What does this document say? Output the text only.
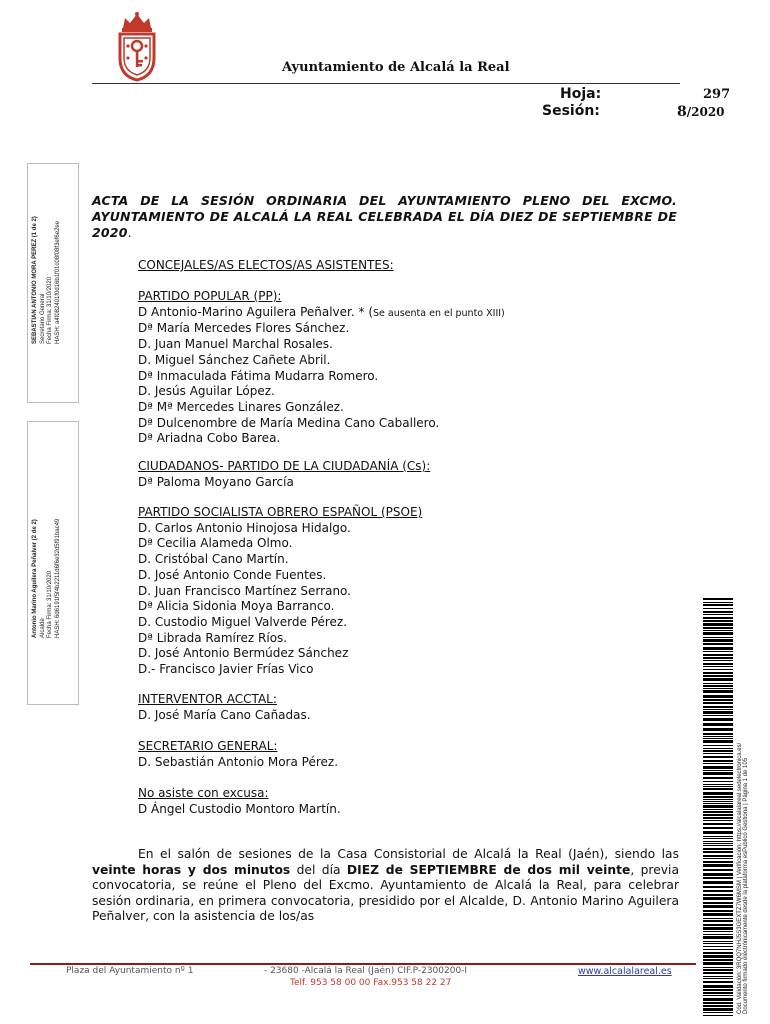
Ayuntamiento de Alcalá la Real
Hoja:	297
Sesión:	8/2020
SEBASTIAN ANTONIO MORA PEREZ (1 de 2) Secretario General Fecha Firma: 31/10/2020 HASH: a4f082401f0d16b1f01c08f08f3ef6e2ee
Antonio Marino Aguilera Peñalver (2 de 2) Alcalde Fecha Firma: 31/10/2020 HASH: 6d6191f5f4b2211d6f6e32d5f91bac49
ACTA DE LA SESIÓN ORDINARIA DEL AYUNTAMIENTO PLENO DEL EXCMO. AYUNTAMIENTO DE ALCALÁ LA REAL CELEBRADA EL DÍA DIEZ DE SEPTIEMBRE DE 2020.
CONCEJALES/AS ELECTOS/AS ASISTENTES:
PARTIDO POPULAR (PP):
D Antonio-Marino Aguilera Peñalver. * (Se ausenta en el punto XIII)
Dª María Mercedes Flores Sánchez.
D. Juan Manuel Marchal Rosales.
D. Miguel Sánchez Cañete Abril.
Dª Inmaculada Fátima Mudarra Romero.
D. Jesús Aguilar López.
Dª Mª Mercedes Linares González.
Dª Dulcenombre de María Medina Cano Caballero.
Dª Ariadna Cobo Barea.
CIUDADANOS- PARTIDO DE LA CIUDADANÍA (Cs):
Dª Paloma Moyano García
PARTIDO SOCIALISTA OBRERO ESPAÑOL (PSOE)
D. Carlos Antonio Hinojosa Hidalgo.
Dª Cecilia Alameda Olmo.
D. Cristóbal Cano Martín.
D. José Antonio Conde Fuentes.
D. Juan Francisco Martínez Serrano.
Dª Alicia Sidonia Moya Barranco.
D. Custodio Miguel Valverde Pérez.
Dª Librada Ramírez Ríos.
D. José Antonio Bermúdez Sánchez
D.- Francisco Javier Frías Vico
INTERVENTOR ACCTAL:
D. José María Cano Cañadas.
SECRETARIO GENERAL:
D. Sebastián Antonio Mora Pérez.
No asiste con excusa:
D Ángel Custodio Montoro Martín.
En el salón de sesiones de la Casa Consistorial de Alcalá la Real (Jaén), siendo las veinte horas y dos minutos del día DIEZ de SEPTIEMBRE de dos mil veinte, previa convocatoria, se reúne el Pleno del Excmo. Ayuntamiento de Alcalá la Real, para celebrar sesión ordinaria, en primera convocatoria, presidido por el Alcalde, D. Antonio Marino Aguilera Peñalver, con la asistencia de los/as
Plaza del Ayuntamiento nº 1	- 23680 -Alcalá la Real (Jaén) CIF.P-2300200-I
Telf. 953 58 00 00 Fax.953 58 22 27
www.alcalalareal.es	Cód. Validación: 3RQQ7NHJ5S3GEXTZ7W6MSM | Verificación: https://alcalalareal.sedelectronica.es/ Documento firmado electrónicamente desde la plataforma esPublico Gestiona | Página 1 de 105
